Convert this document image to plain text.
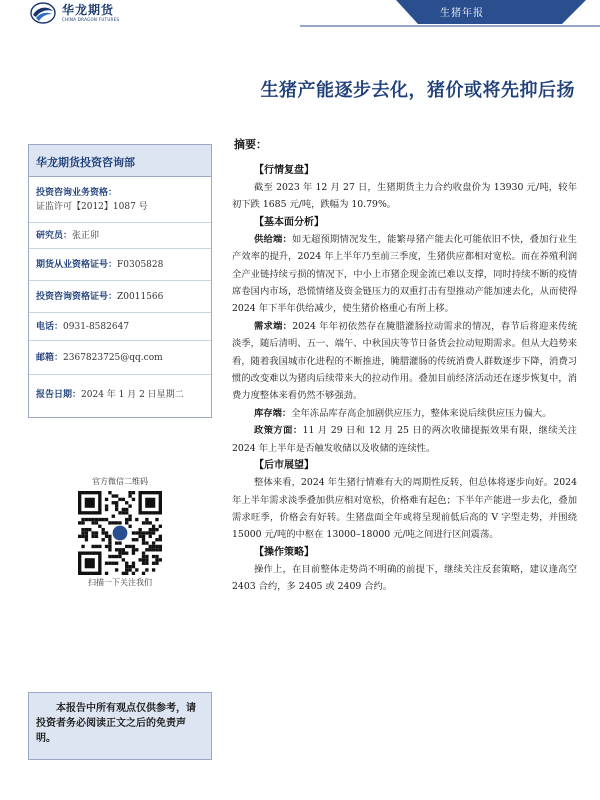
华龙期货
CHINA DRAGON FUTURES
生猪年报
生猪产能逐步去化，猪价或将先抑后扬
华龙期货投资咨询部
投资咨询业务资格：
证监许可【2012】1087 号
研究员：张正卯
期货从业资格证号：F0305828
投资咨询资格证号：Z0011566
电话：0931-8582647
邮箱：2367823725@qq.com
报告日期：2024 年 1 月 2 日星期二
官方微信二维码
扫描一下关注我们
本报告中所有观点仅供参考，请投资者务必阅读正文之后的免责声明。
摘要：
【行情复盘】

截至 2023 年 12 月 27 日，生猪期货主力合约收盘价为 13930 元/吨，较年初下跌 1685 元/吨，跌幅为 10.79%。

【基本面分析】

供给端：如无超预期情况发生，能繁母猪产能去化可能依旧不快，叠加行业生产效率的提升，2024 年上半年乃至前三季度，生猪供应都相对宽松。而在养殖利润全产业链持续亏损的情况下，中小上市猪企现金流已难以支撑，同时持续不断的疫情席卷国内市场，恐慌情绪及资金链压力的双重打击有望推动产能加速去化，从而使得 2024 年下半年供给减少，使生猪价格重心有所上移。

需求端：2024 年年初依然存在腌腊灌肠拉动需求的情况，春节后将迎来传统淡季，随后清明、五一、端午、中秋国庆等节日备货会拉动短期需求。但从大趋势来看，随着我国城市化进程的不断推进，腌腊灌肠的传统消费人群数逐步下降，消费习惯的改变难以为猪肉后续带来大的拉动作用。叠加目前经济活动还在逐步恢复中，消费力度整体来看仍然不够强劲。

库存端：全年冻品库存高企加剧供应压力，整体来说后续供应压力偏大。

政策方面：11 月 29 日和 12 月 25 日的两次收储提振效果有限，继续关注 2024 年上半年是否触发收储以及收储的连续性。

【后市展望】

整体来看，2024 年生猪行情难有大的周期性反转，但总体将逐步向好。2024 年上半年需求淡季叠加供应相对宽松，价格难有起色；下半年产能进一步去化，叠加需求旺季，价格会有好转。生猪盘面全年或将呈现前低后高的 V 字型走势，并围绕 15000 元/吨的中枢在 13000–18000 元/吨之间进行区间震荡。

【操作策略】

操作上，在目前整体走势尚不明确的前提下，继续关注反套策略，建议逢高空 2403 合约，多 2405 或 2409 合约。
